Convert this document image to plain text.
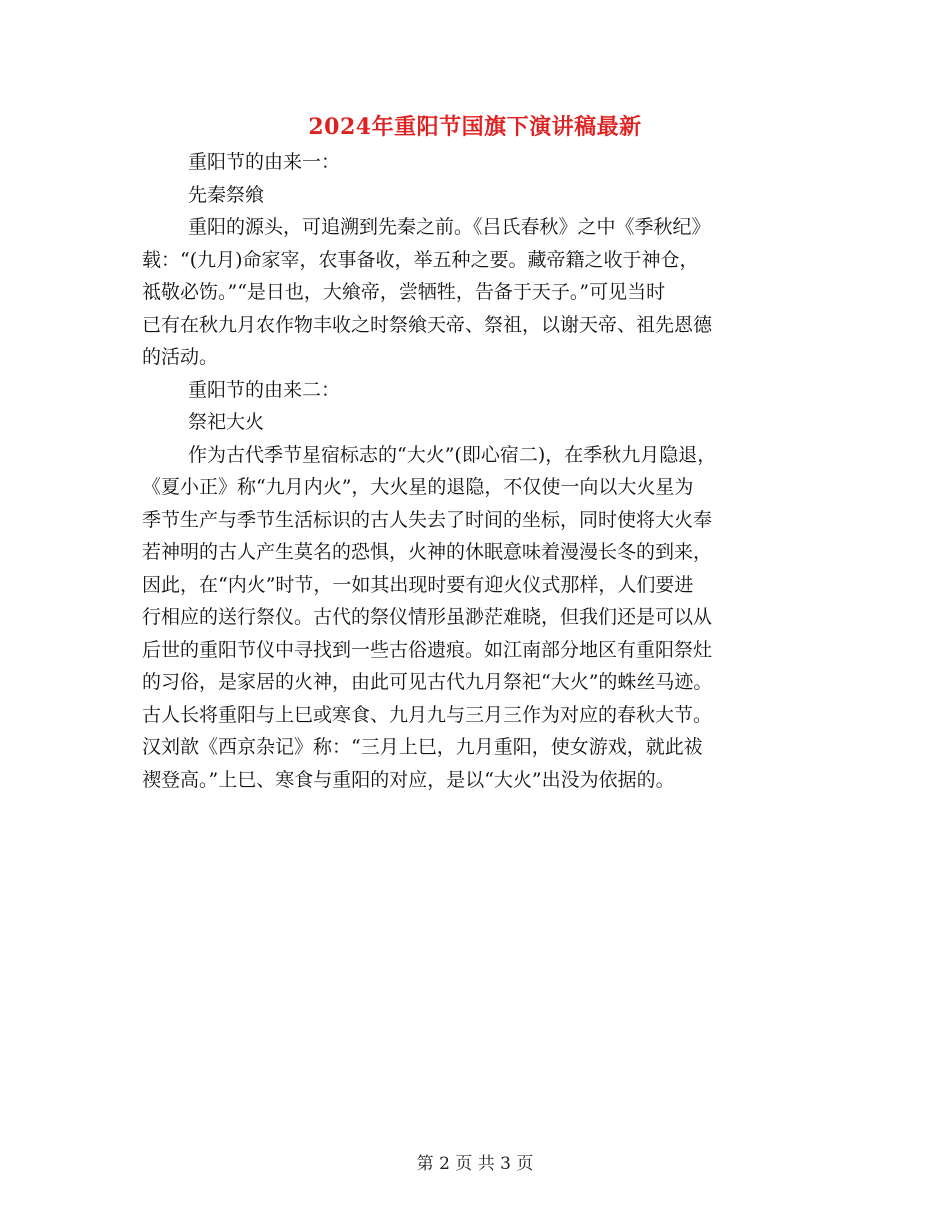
2024年重阳节国旗下演讲稿最新
重阳节的由来一：
先秦祭飨
重阳的源头，可追溯到先秦之前。《吕氏春秋》之中《季秋纪》
载：“(九月)命家宰，农事备收，举五种之要。藏帝籍之收于神仓，
祗敬必饬。”“是日也，大飨帝，尝牺牲，告备于天子。”可见当时
已有在秋九月农作物丰收之时祭飨天帝、祭祖，以谢天帝、祖先恩德
的活动。
重阳节的由来二：
祭祀大火
作为古代季节星宿标志的“大火”(即心宿二)，在季秋九月隐退，
《夏小正》称“九月内火”，大火星的退隐，不仅使一向以大火星为
季节生产与季节生活标识的古人失去了时间的坐标，同时使将大火奉
若神明的古人产生莫名的恐惧，火神的休眠意味着漫漫长冬的到来，
因此，在“内火”时节，一如其出现时要有迎火仪式那样，人们要进
行相应的送行祭仪。古代的祭仪情形虽渺茫难晓，但我们还是可以从
后世的重阳节仪中寻找到一些古俗遗痕。如江南部分地区有重阳祭灶
的习俗，是家居的火神，由此可见古代九月祭祀“大火”的蛛丝马迹。
古人长将重阳与上巳或寒食、九月九与三月三作为对应的春秋大节。
汉刘歆《西京杂记》称：“三月上巳，九月重阳，使女游戏，就此祓
禊登高。”上巳、寒食与重阳的对应，是以“大火”出没为依据的。
第 2 页 共 3 页
